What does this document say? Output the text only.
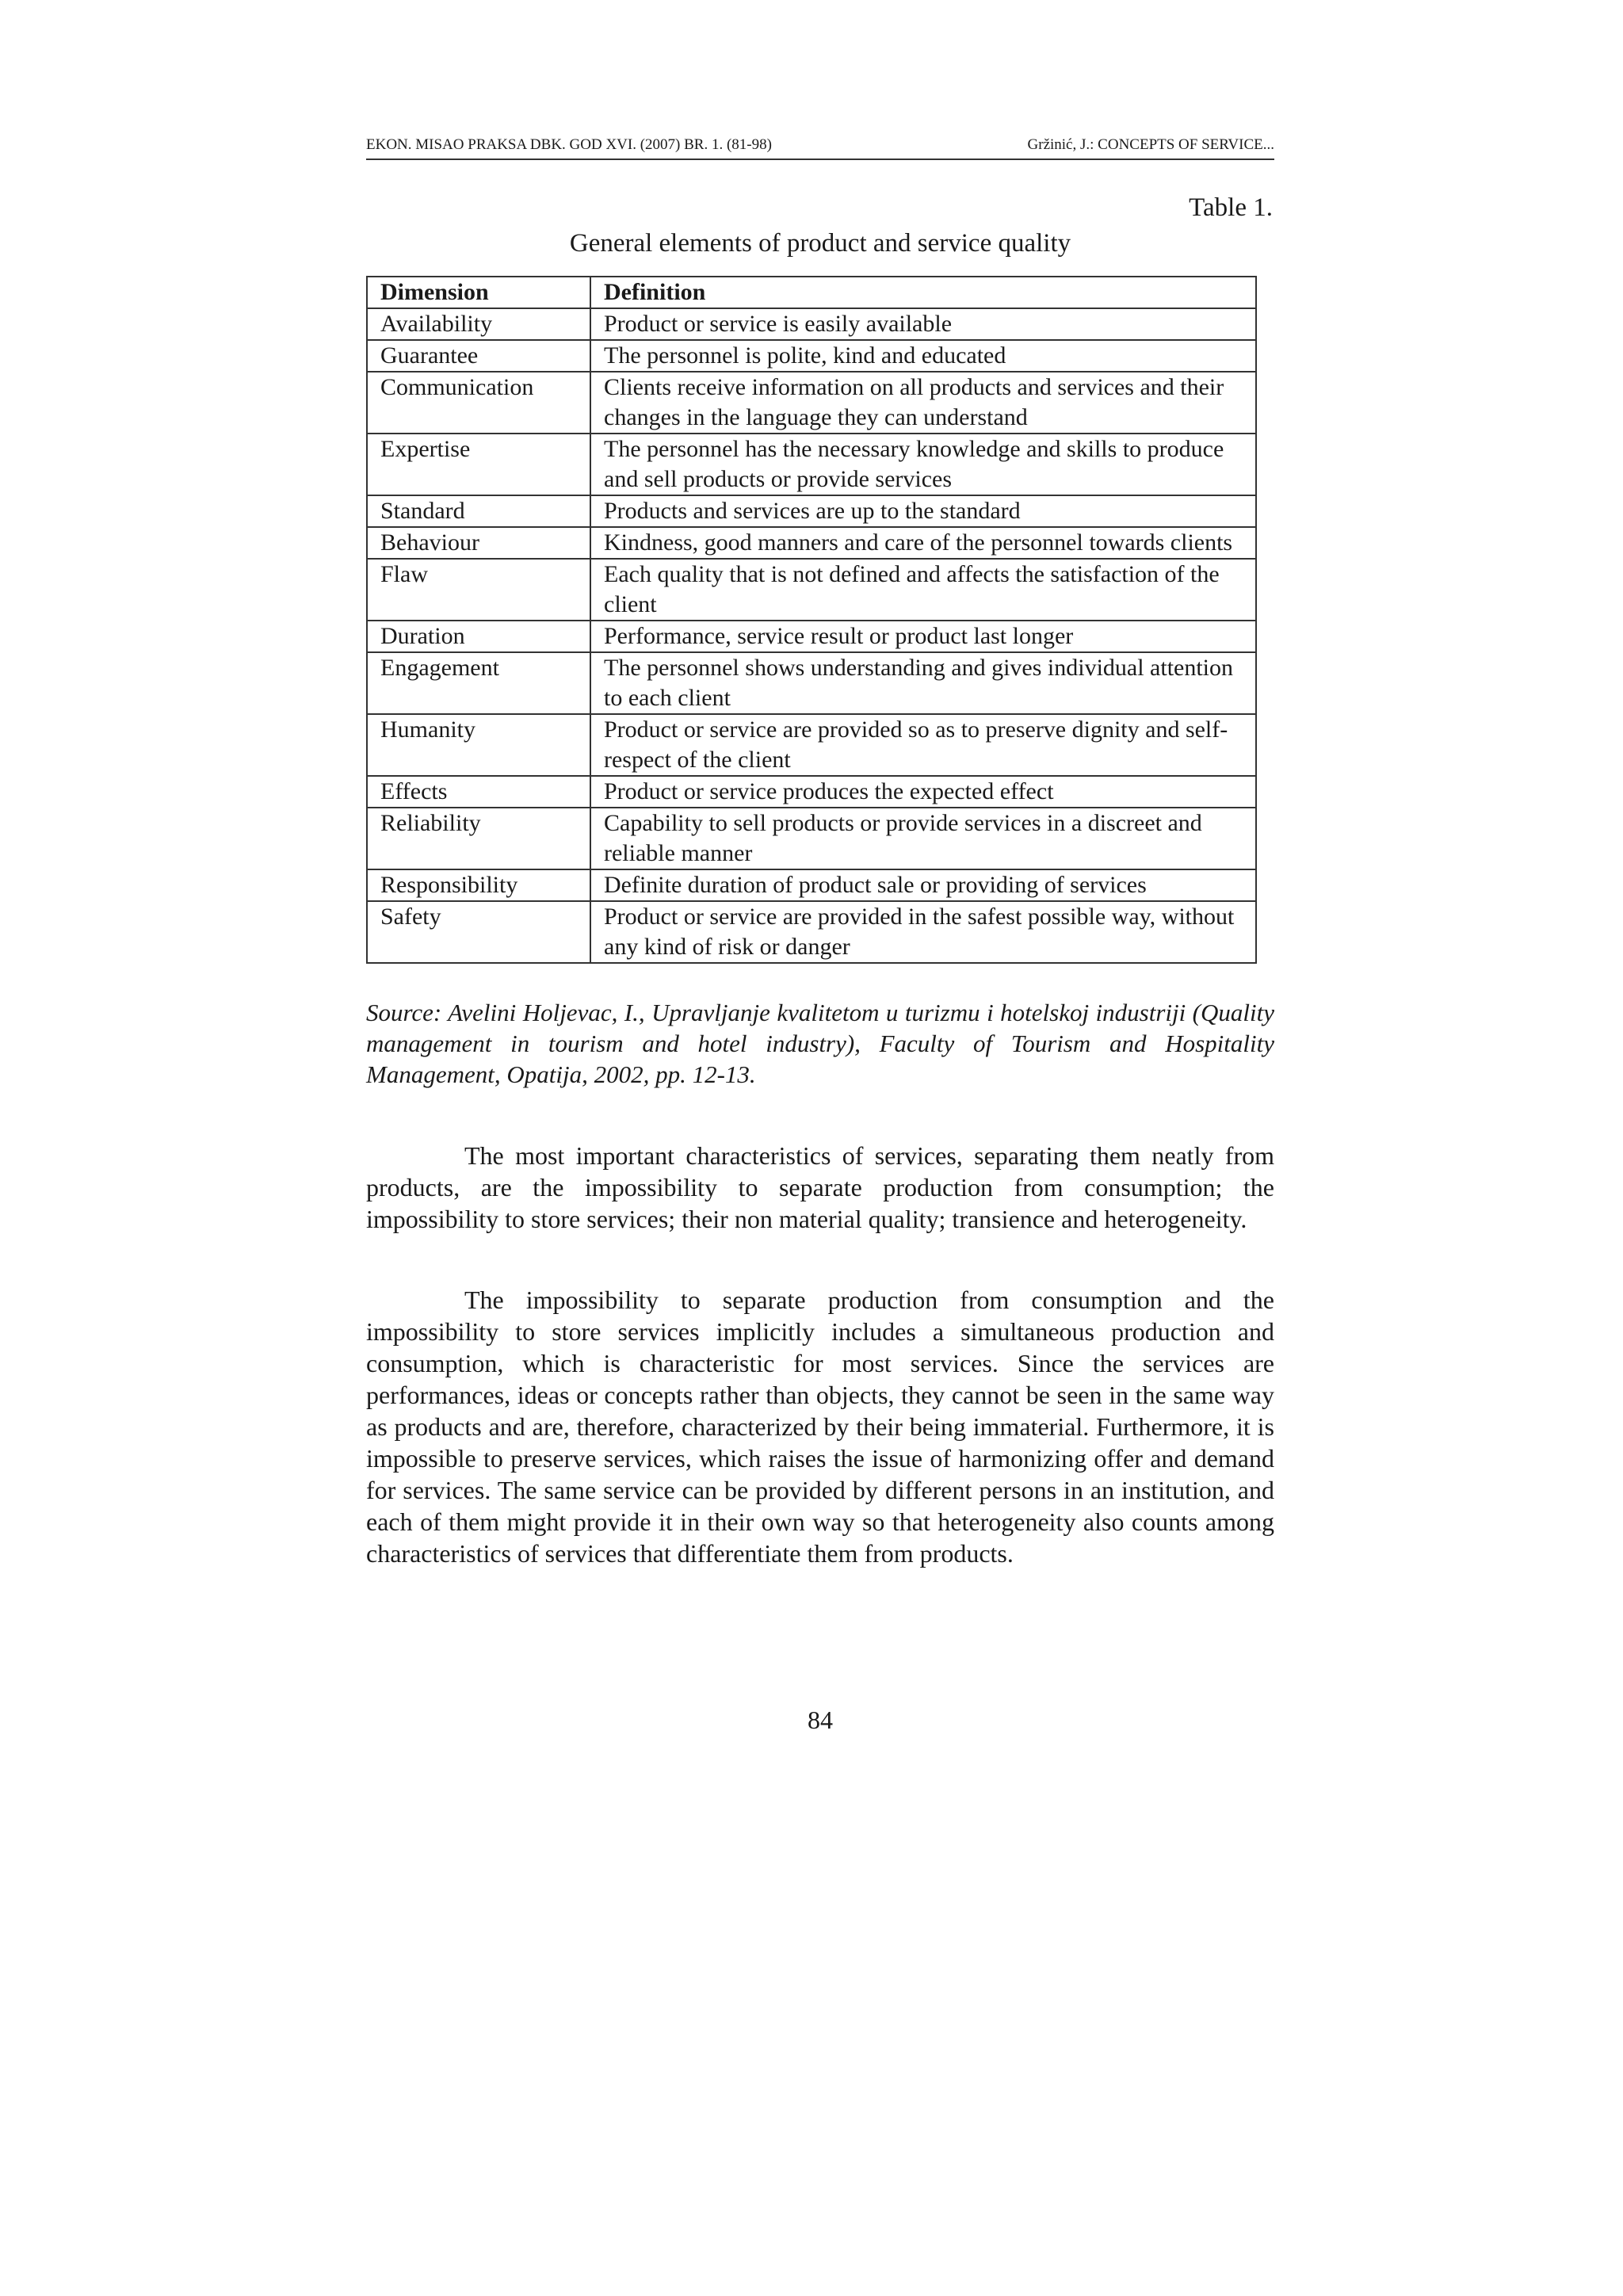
EKON. MISAO PRAKSA DBK. GOD XVI. (2007) BR. 1. (81-98)	Gržinić, J.: CONCEPTS OF SERVICE...
Table 1.
General elements of product and service quality
Dimension	Definition
Availability	Product or service is easily available
Guarantee	The personnel is polite, kind and educated
Communication	Clients receive information on all products and services and their changes in the language they can understand
Expertise	The personnel has the necessary knowledge and skills to produce and sell products or provide services
Standard	Products and services are up to the standard
Behaviour	Kindness, good manners and care of the personnel towards clients
Flaw	Each quality that is not defined and affects the satisfaction of the client
Duration	Performance, service result or product last longer
Engagement	The personnel shows understanding and gives individual attention to each client
Humanity	Product or service are provided so as to preserve dignity and self-respect of the client
Effects	Product or service produces the expected effect
Reliability	Capability to sell products or provide services in a discreet and reliable manner
Responsibility	Definite duration of product sale or providing of services
Safety	Product or service are provided in the safest possible way, without any kind of risk or danger
Source: Avelini Holjevac, I., Upravljanje kvalitetom u turizmu i hotelskoj industriji (Quality management in tourism and hotel industry), Faculty of Tourism and Hospitality Management, Opatija, 2002, pp. 12-13.

The most important characteristics of services, separating them neatly from products, are the impossibility to separate production from consumption; the impossibility to store services; their non material quality; transience and heterogeneity.

The impossibility to separate production from consumption and the impossibility to store services implicitly includes a simultaneous production and consumption, which is characteristic for most services. Since the services are performances, ideas or concepts rather than objects, they cannot be seen in the same way as products and are, therefore, characterized by their being immaterial. Furthermore, it is impossible to preserve services, which raises the issue of harmonizing offer and demand for services. The same service can be provided by different persons in an institution, and each of them might provide it in their own way so that heterogeneity also counts among characteristics of services that differentiate them from products.

84
